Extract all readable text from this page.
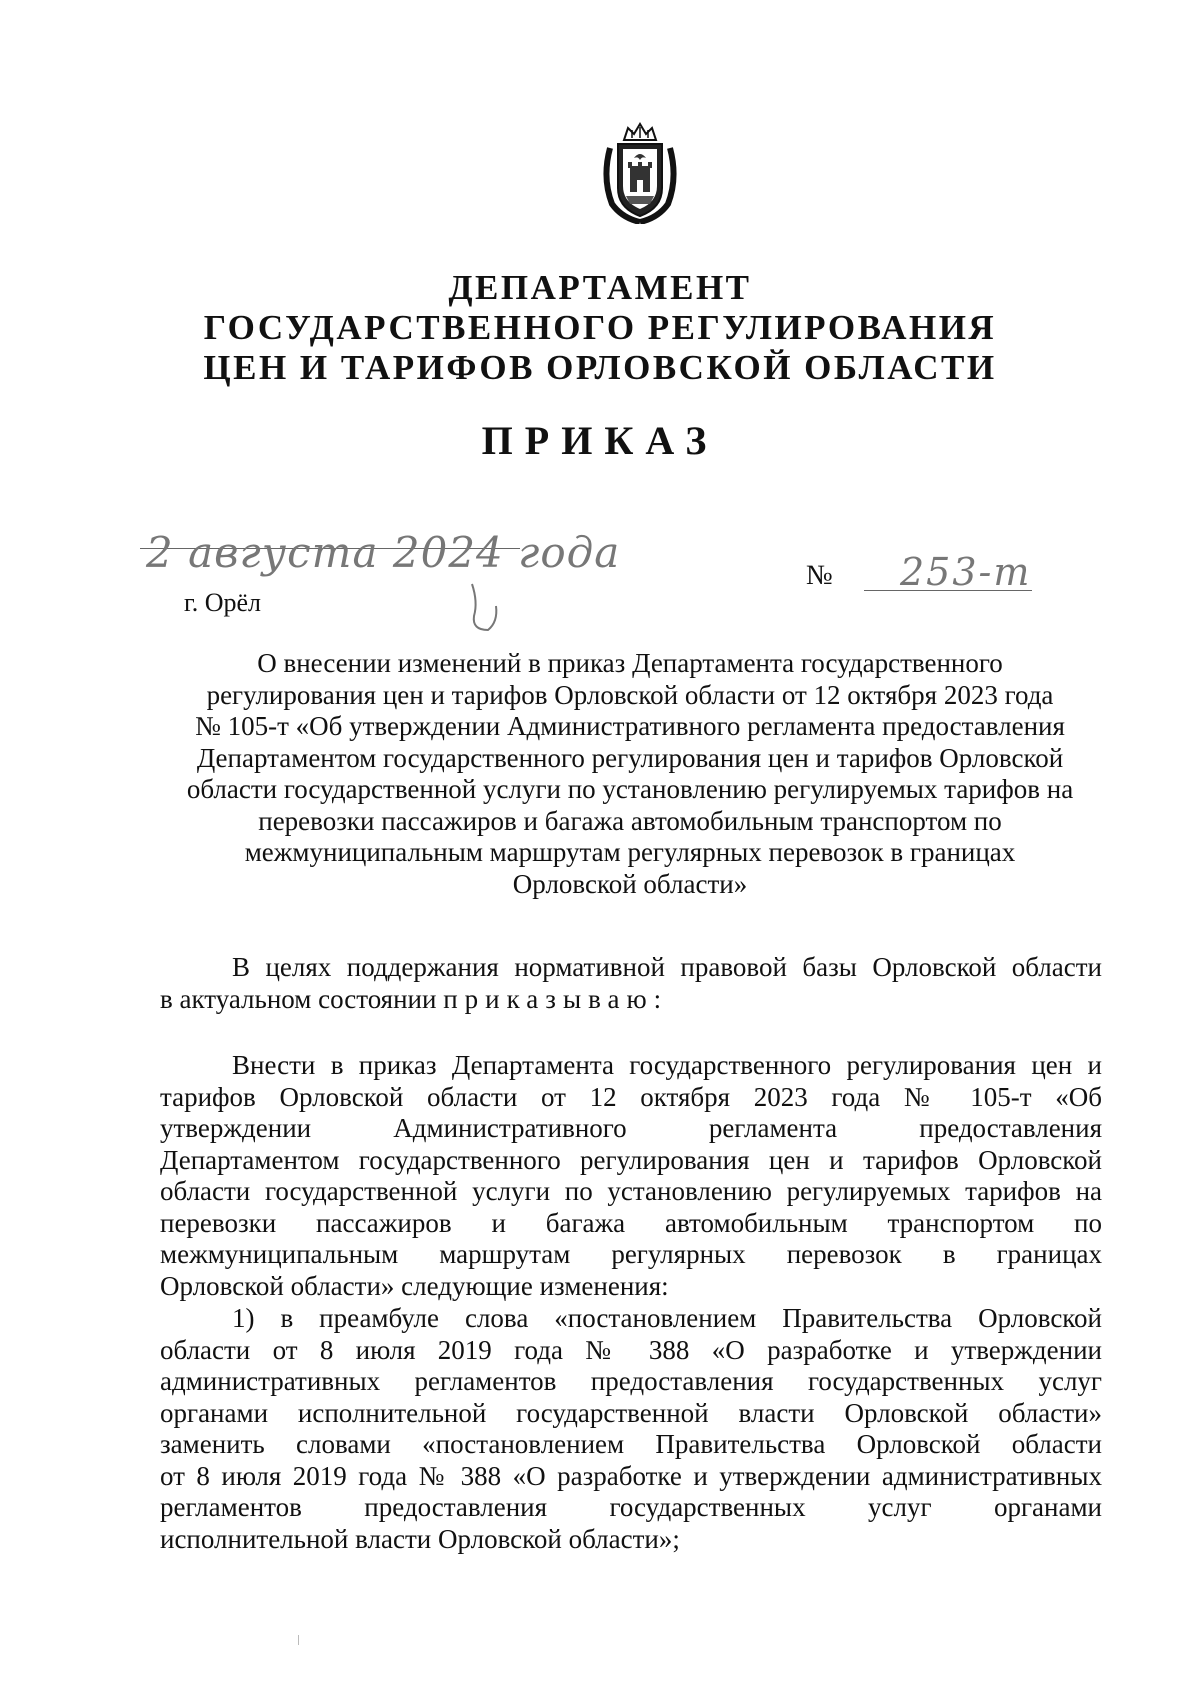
ДЕПАРТАМЕНТ
ГОСУДАРСТВЕННОГО РЕГУЛИРОВАНИЯ
ЦЕН И ТАРИФОВ ОРЛОВСКОЙ ОБЛАСТИ
ПРИКАЗ
2 августа 2024 года
г. Орёл
№ 253-т
О внесении изменений в приказ Департамента государственного
регулирования цен и тарифов Орловской области от 12 октября 2023 года
№ 105-т «Об утверждении Административного регламента предоставления
Департаментом государственного регулирования цен и тарифов Орловской
области государственной услуги по установлению регулируемых тарифов на
перевозки пассажиров и багажа автомобильным транспортом по
межмуниципальным маршрутам регулярных перевозок в границах
Орловской области»
В целях поддержания нормативной правовой базы Орловской области
в актуальном состоянии приказываю:
Внести в приказ Департамента государственного регулирования цен и
тарифов Орловской области от 12 октября 2023 года № 105-т «Об
утверждении Административного регламента предоставления
Департаментом государственного регулирования цен и тарифов Орловской
области государственной услуги по установлению регулируемых тарифов на
перевозки пассажиров и багажа автомобильным транспортом по
межмуниципальным маршрутам регулярных перевозок в границах
Орловской области» следующие изменения:
1) в преамбуле слова «постановлением Правительства Орловской
области от 8 июля 2019 года № 388 «О разработке и утверждении
административных регламентов предоставления государственных услуг
органами исполнительной государственной власти Орловской области»
заменить словами «постановлением Правительства Орловской области
от 8 июля 2019 года № 388 «О разработке и утверждении административных
регламентов предоставления государственных услуг органами
исполнительной власти Орловской области»;
